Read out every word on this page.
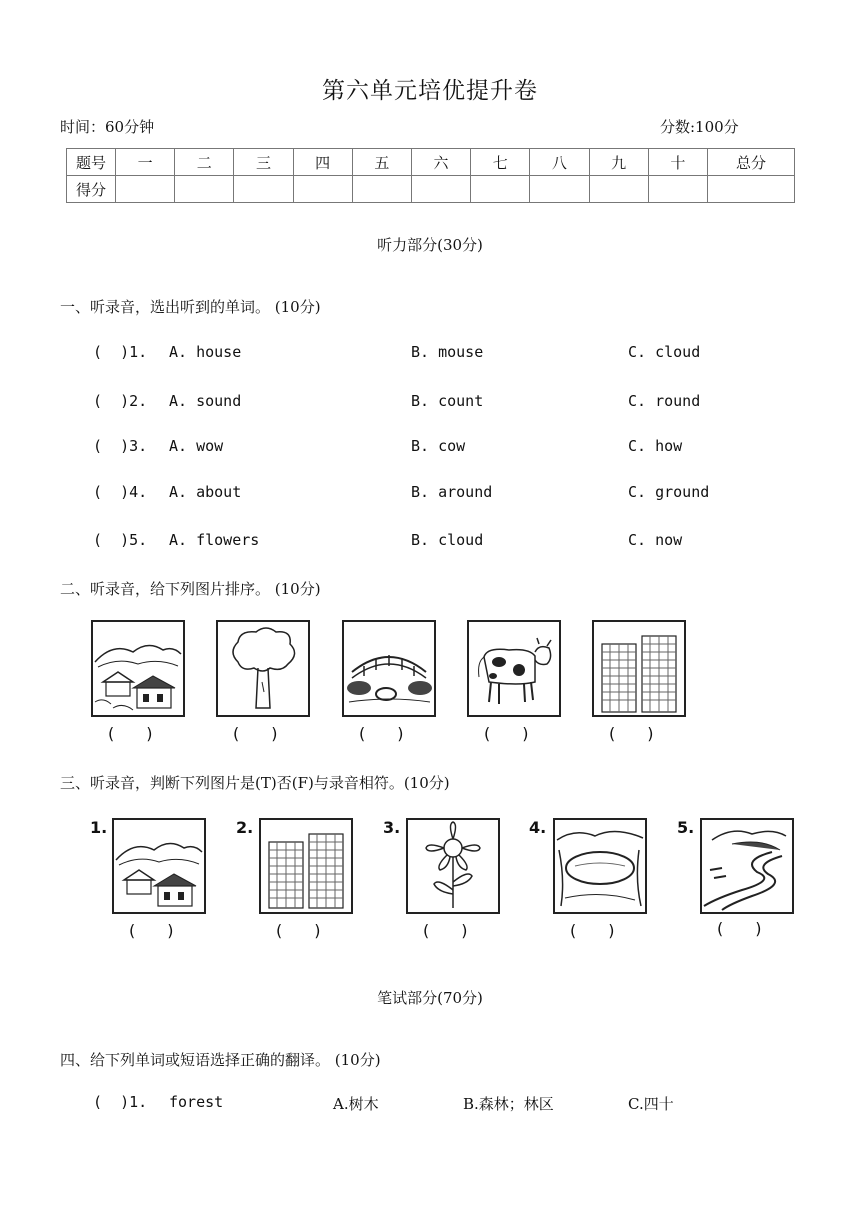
第六单元培优提升卷
时间：60分钟	分数:100分
题号	一	二	三	四	五	六	七	八	九	十	总分
得分											
听力部分(30分)
一、听录音，选出听到的单词。 (10分)
(  )1. A. house	B. mouse	C. cloud
(  )2. A. sound	B. count	C. round
(  )3. A. wow	B. cow	C. how
(  )4. A. about	B. around	C. ground
(  )5. A. flowers	B. cloud	C. now
二、听录音，给下列图片排序。 (10分)
(  )	(  )	(  )	(  )	(  )
三、听录音，判断下列图片是(T)否(F)与录音相符。(10分)
1.	2.	3.	4.	5.
(  )	(  )	(  )	(  )	(  )
笔试部分(70分)
四、给下列单词或短语选择正确的翻译。 (10分)
(  )1. forest	A.树木	B.森林；林区	C.四十
